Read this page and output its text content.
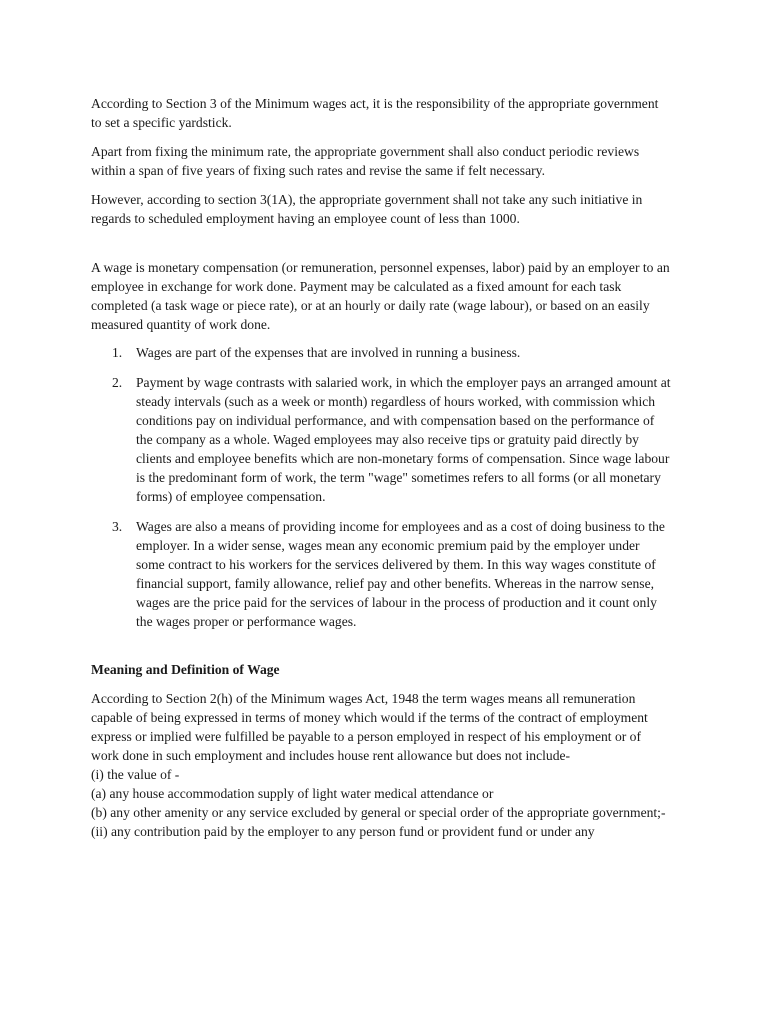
According to Section 3 of the Minimum wages act, it is the responsibility of the appropriate government to set a specific yardstick.

Apart from fixing the minimum rate, the appropriate government shall also conduct periodic reviews within a span of five years of fixing such rates and revise the same if felt necessary.

However, according to section 3(1A), the appropriate government shall not take any such initiative in regards to scheduled employment having an employee count of less than 1000.

A wage is monetary compensation (or remuneration, personnel expenses, labor) paid by an employer to an employee in exchange for work done. Payment may be calculated as a fixed amount for each task completed (a task wage or piece rate), or at an hourly or daily rate (wage labour), or based on an easily measured quantity of work done.

1. Wages are part of the expenses that are involved in running a business.
2. Payment by wage contrasts with salaried work, in which the employer pays an arranged amount at steady intervals (such as a week or month) regardless of hours worked, with commission which conditions pay on individual performance, and with compensation based on the performance of the company as a whole. Waged employees may also receive tips or gratuity paid directly by clients and employee benefits which are non-monetary forms of compensation. Since wage labour is the predominant form of work, the term "wage" sometimes refers to all forms (or all monetary forms) of employee compensation.
3. Wages are also a means of providing income for employees and as a cost of doing business to the employer. In a wider sense, wages mean any economic premium paid by the employer under some contract to his workers for the services delivered by them. In this way wages constitute of financial support, family allowance, relief pay and other benefits. Whereas in the narrow sense, wages are the price paid for the services of labour in the process of production and it count only the wages proper or performance wages.

Meaning and Definition of Wage

According to Section 2(h) of the Minimum wages Act, 1948 the term wages means all remuneration capable of being expressed in terms of money which would if the terms of the contract of employment express or implied were fulfilled be payable to a person employed in respect of his employment or of work done in such employment and includes house rent allowance but does not include-

(i) the value of -
(a) any house accommodation supply of light water medical attendance or
(b) any other amenity or any service excluded by general or special order of the appropriate government;-
(ii) any contribution paid by the employer to any person fund or provident fund or under any
